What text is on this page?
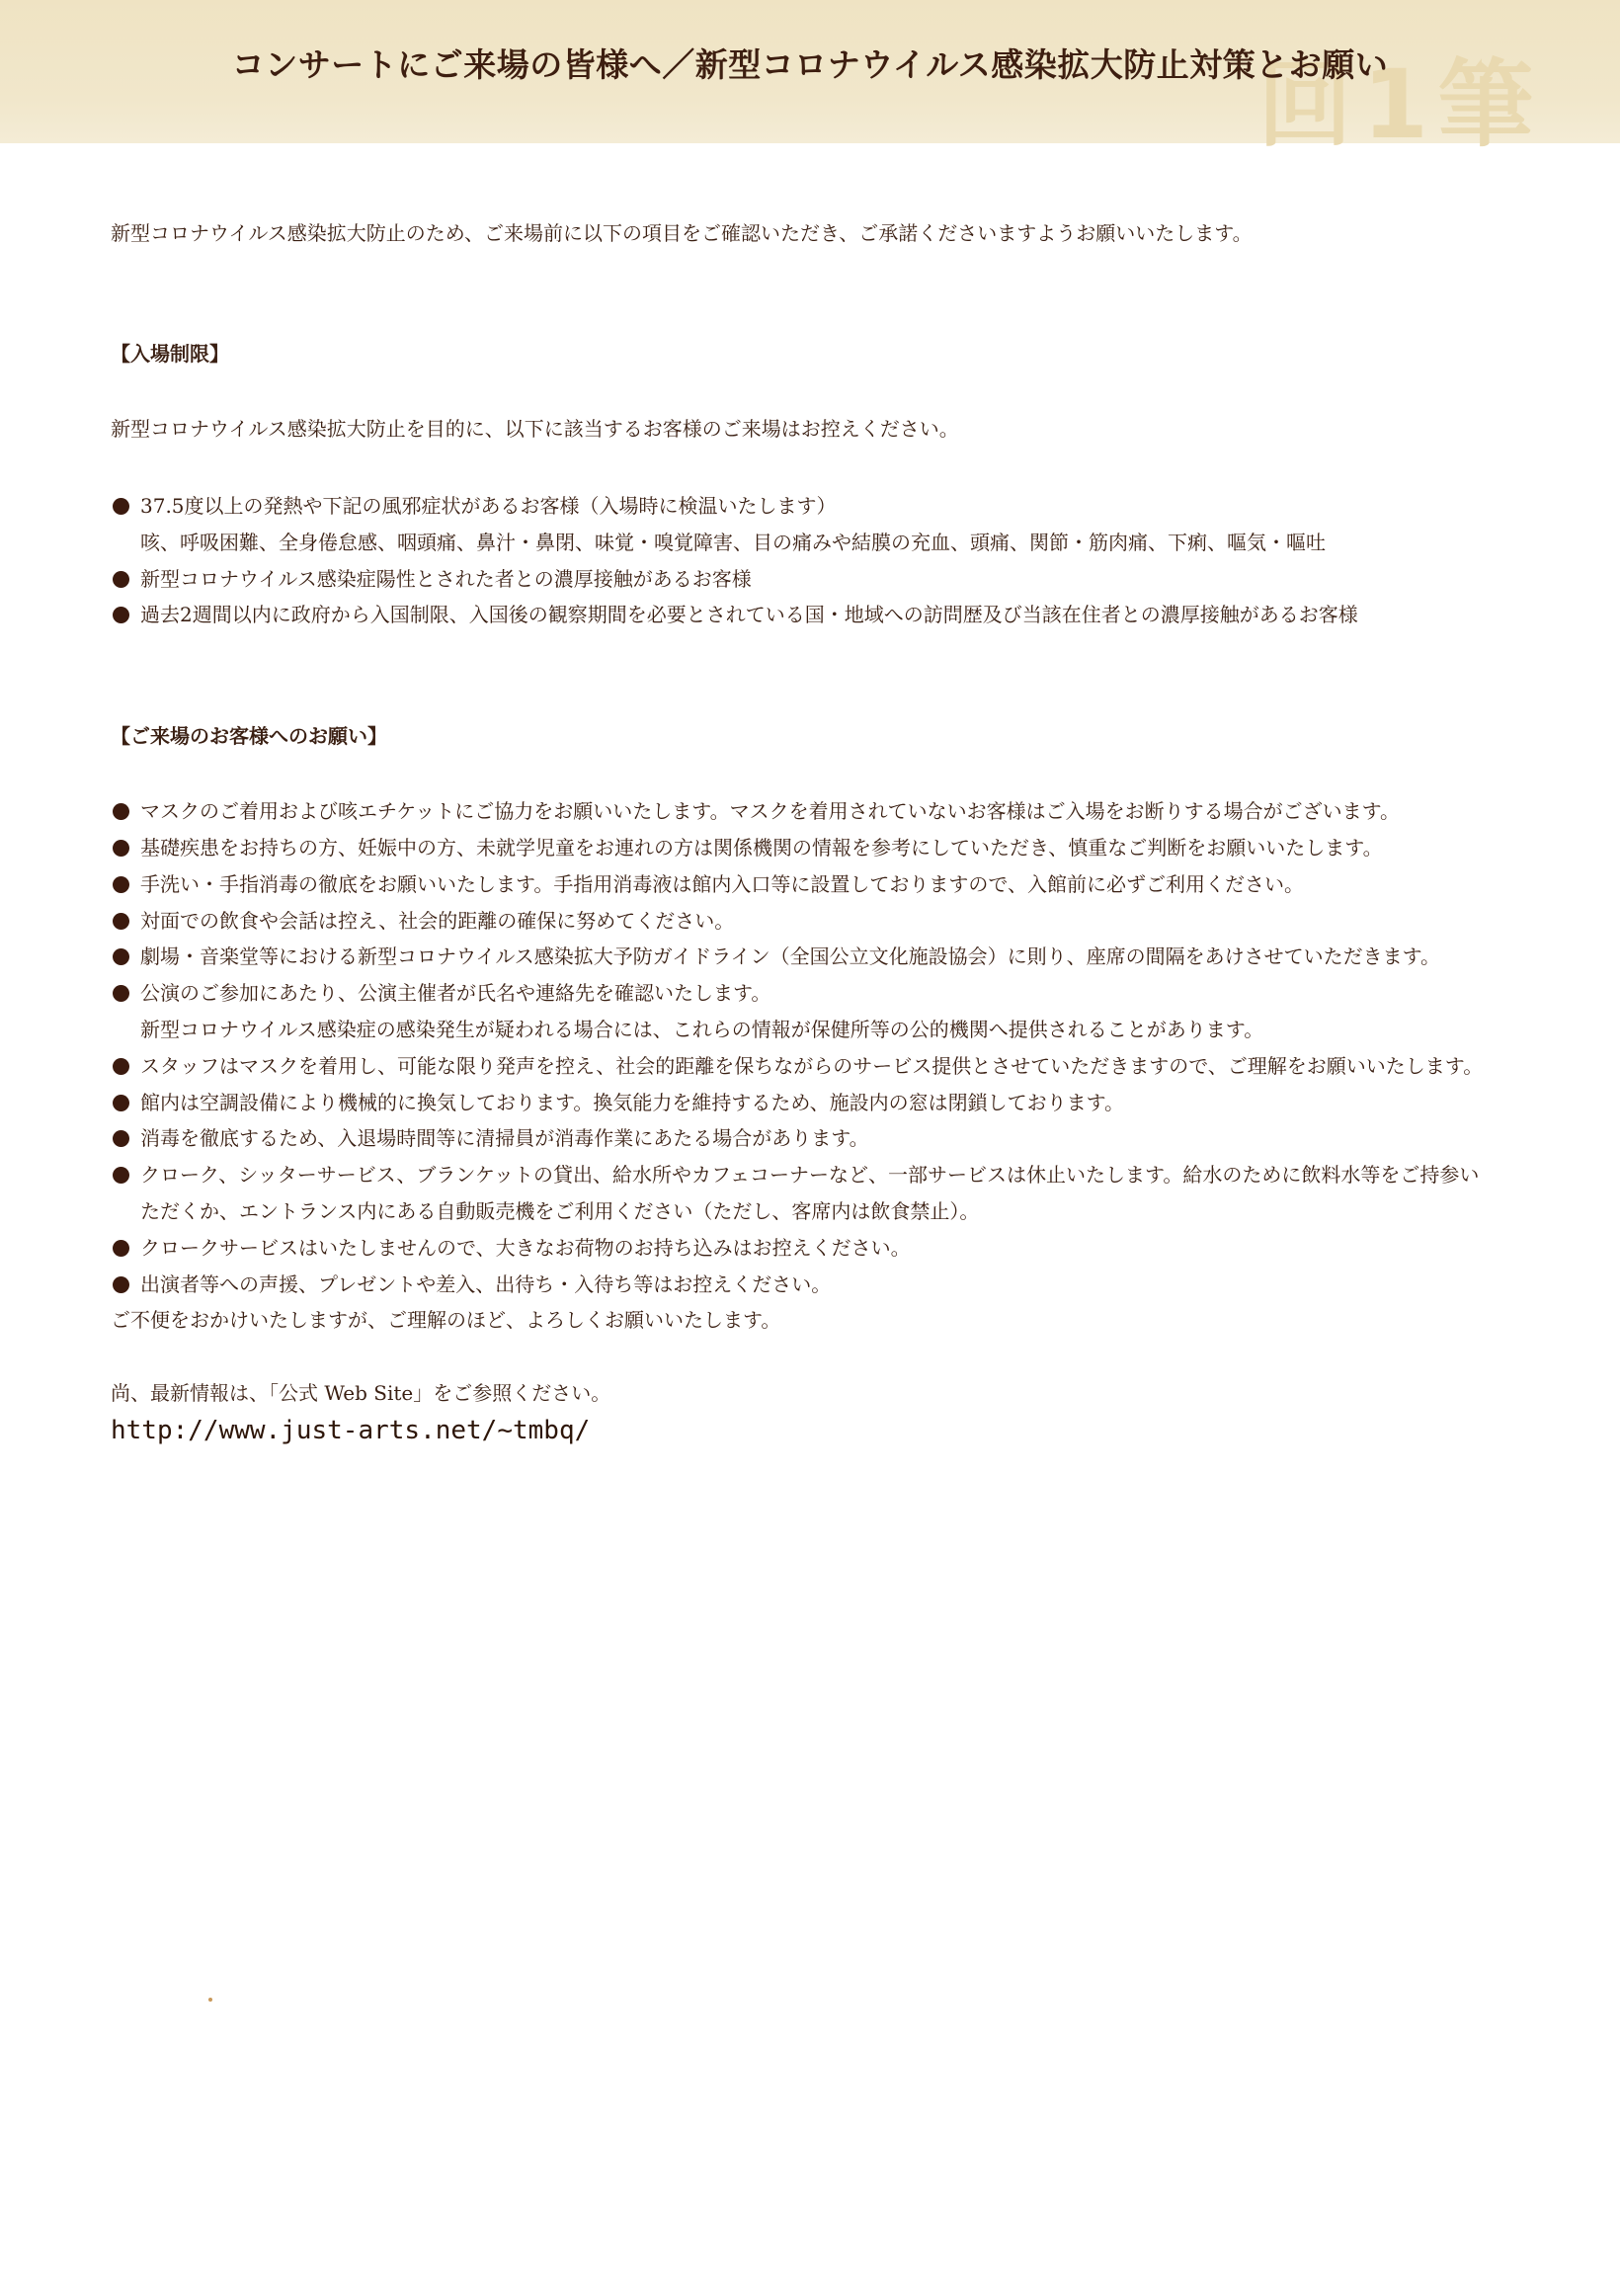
回1筆
コンサートにご来場の皆様へ／新型コロナウイルス感染拡大防止対策とお願い

新型コロナウイルス感染拡大防止のため、ご来場前に以下の項目をご確認いただき、ご承諾くださいますようお願いいたします。

【入場制限】

新型コロナウイルス感染拡大防止を目的に、以下に該当するお客様のご来場はお控えください。

37.5度以上の発熱や下記の風邪症状があるお客様（入場時に検温いたします）
咳、呼吸困難、全身倦怠感、咽頭痛、鼻汁・鼻閉、味覚・嗅覚障害、目の痛みや結膜の充血、頭痛、関節・筋肉痛、下痢、嘔気・嘔吐
新型コロナウイルス感染症陽性とされた者との濃厚接触があるお客様
過去2週間以内に政府から入国制限、入国後の観察期間を必要とされている国・地域への訪問歴及び当該在住者との濃厚接触があるお客様
【ご来場のお客様へのお願い】
マスクのご着用および咳エチケットにご協力をお願いいたします。マスクを着用されていないお客様はご入場をお断りする場合がございます。
基礎疾患をお持ちの方、妊娠中の方、未就学児童をお連れの方は関係機関の情報を参考にしていただき、慎重なご判断をお願いいたします。
手洗い・手指消毒の徹底をお願いいたします。手指用消毒液は館内入口等に設置しておりますので、入館前に必ずご利用ください。
対面での飲食や会話は控え、社会的距離の確保に努めてください。
劇場・音楽堂等における新型コロナウイルス感染拡大予防ガイドライン（全国公立文化施設協会）に則り、座席の間隔をあけさせていただきます。
公演のご参加にあたり、公演主催者が氏名や連絡先を確認いたします。
新型コロナウイルス感染症の感染発生が疑われる場合には、これらの情報が保健所等の公的機関へ提供されることがあります。
スタッフはマスクを着用し、可能な限り発声を控え、社会的距離を保ちながらのサービス提供とさせていただきますので、ご理解をお願いいたします。
館内は空調設備により機械的に換気しております。換気能力を維持するため、施設内の窓は閉鎖しております。
消毒を徹底するため、入退場時間等に清掃員が消毒作業にあたる場合があります。
クローク、シッターサービス、ブランケットの貸出、給水所やカフェコーナーなど、一部サービスは休止いたします。給水のために飲料水等をご持参い
ただくか、エントランス内にある自動販売機をご利用ください（ただし、客席内は飲食禁止）。
クロークサービスはいたしませんので、大きなお荷物のお持ち込みはお控えください。
出演者等への声援、プレゼントや差入、出待ち・入待ち等はお控えください。

ご不便をおかけいたしますが、ご理解のほど、よろしくお願いいたします。

尚、最新情報は、「公式 Web Site」をご参照ください。

http://www.just-arts.net/~tmbq/
